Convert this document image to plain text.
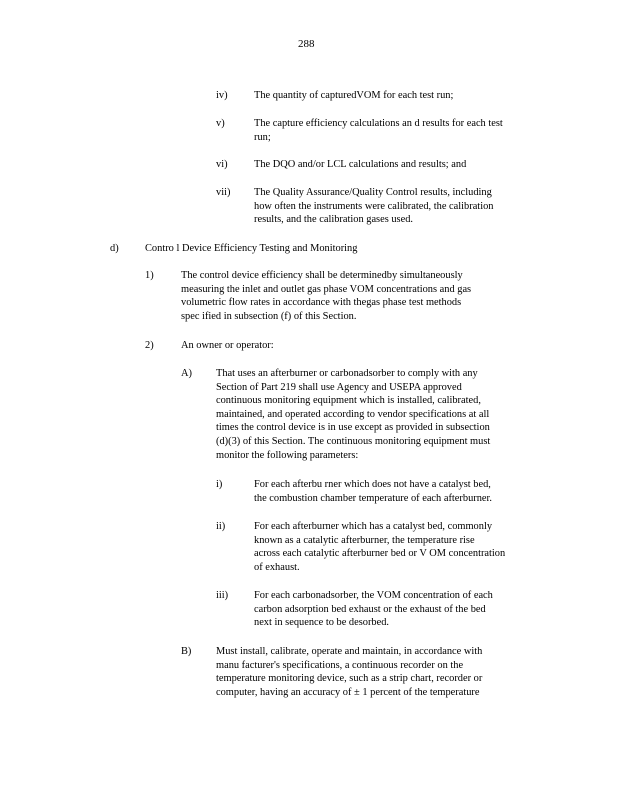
288
iv)	The quantity of capturedVOM for each test run;
v)	The capture efficiency calculations an d results for each test
run;
vi)	The DQO and/or LCL calculations and results; and
vii) The Quality Assurance/Quality Control results, including
how often the instruments were calibrated, the calibration
results, and the calibration gases used.
d)	Contro l Device Efficiency Testing and Monitoring
1)	The control device efficiency shall be determinedby simultaneously
measuring the inlet and outlet gas phase VOM concentrations and gas
volumetric flow rates in accordance with thegas phase test methods
spec ified in subsection (f) of this Section.
2)	An owner or operator:
A) That uses an afterburner or carbonadsorber to comply with any
Section of Part 219 shall use Agency and USEPA approved
continuous monitoring equipment which is installed, calibrated,
maintained, and operated according to vendor specifications at all
times the control device is in use except as provided in subsection
(d)(3) of this Section. The continuous monitoring equipment must
monitor the following parameters:
i)	For each afterbu rner which does not have a catalyst bed,
the combustion chamber temperature of each afterburner.
ii)	For each afterburner which has a catalyst bed, commonly
known as a catalytic afterburner, the temperature rise
across each catalytic afterburner bed or V OM concentration
of exhaust.
iii) For each carbonadsorber, the VOM concentration of each
carbon adsorption bed exhaust or the exhaust of the bed
next in sequence to be desorbed.
B) Must install, calibrate, operate and maintain, in accordance with
manu facturer's specifications, a continuous recorder on the
temperature monitoring device, such as a strip chart, recorder or
computer, having an accuracy of ± 1 percent of the temperature
